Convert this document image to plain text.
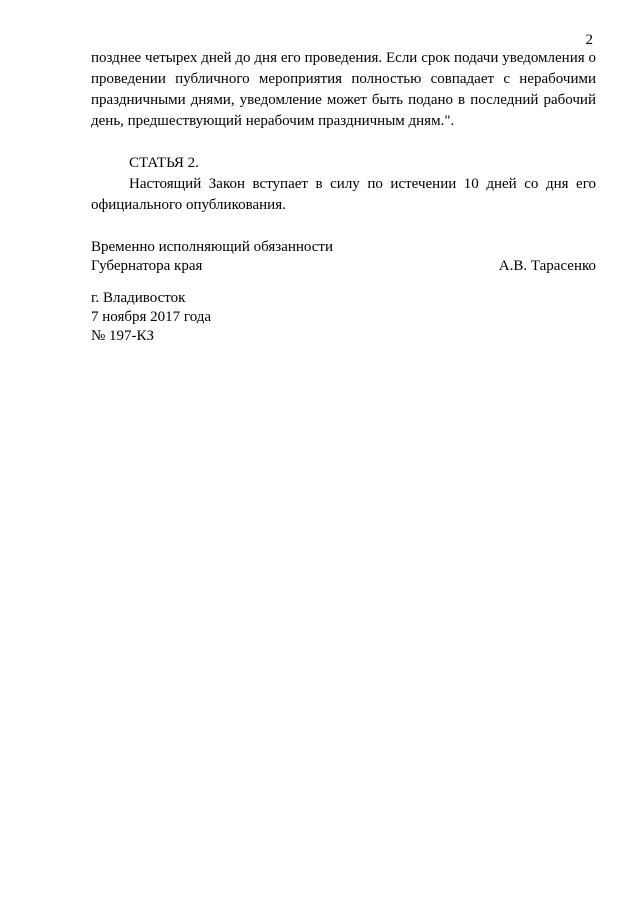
2

позднее четырех дней до дня его проведения. Если срок подачи уведомления о проведении публичного мероприятия полностью совпадает с нерабочими праздничными днями, уведомление может быть подано в последний рабочий день, предшествующий нерабочим праздничным дням.".

СТАТЬЯ 2.

Настоящий Закон вступает в силу по истечении 10 дней со дня его официального опубликования.

Временно исполняющий обязанности
Губернатора края	А.В. Тарасенко
г. Владивосток
7 ноября 2017 года
№ 197-КЗ
